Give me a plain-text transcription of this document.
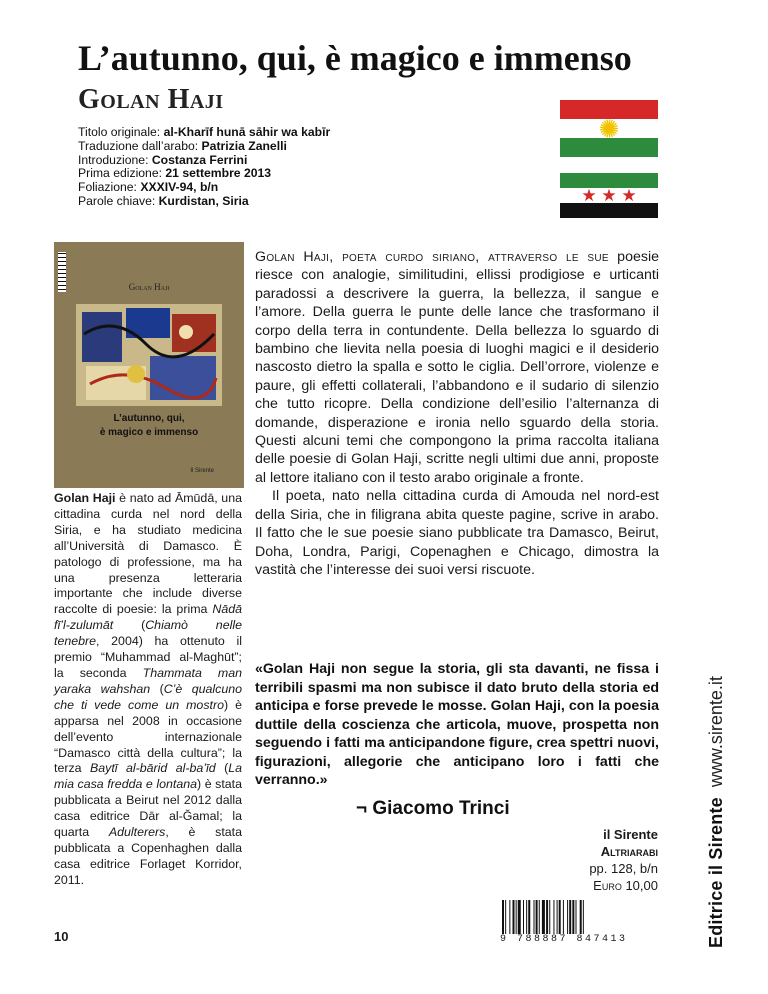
L’autunno, qui, è magico e immenso
Golan Haji
Titolo originale: al-Kharīf hunā sāhir wa kabīr
Traduzione dall’arabo: Patrizia Zanelli
Introduzione: Costanza Ferrini
Prima edizione: 21 settembre 2013
Foliazione: XXXIV-94, b/n
Parole chiave: Kurdistan, Siria	★ ★ ★
Golan Haji
L’autunno, qui,
è magico e immenso
Il Sirente
Golan Haji è nato ad Āmūdā, una cittadina curda nel nord della Siria, e ha studiato medicina all’Università di Damasco. È patologo di professione, ma ha una presenza letteraria importante che include diverse raccolte di poesie: la prima Nādā fī’l-zulumāt (Chiamò nelle tenebre, 2004) ha ottenuto il premio “Muhammad al-Maghūt”; la seconda Thammata man yaraka wahshan (C’è qualcuno che ti vede come un mostro) è apparsa nel 2008 in occasione dell’evento internazionale “Damasco città della cultura”; la terza Baytī al-bārid al-ba’īd (La mia casa fredda e lontana) è stata pubblicata a Beirut nel 2012 dalla casa editrice Dār al-Ğamal; la quarta Adulterers, è stata pubblicata a Copenhaghen dalla casa editrice Forlaget Korridor, 2011.
10

Golan Haji, poeta curdo siriano, attraverso le sue poesie riesce con analogie, similitudini, ellissi prodigiose e urticanti paradossi a descrivere la guerra, la bellezza, il sangue e l’amore. Della guerra le punte delle lance che trasformano il corpo della terra in contundente. Della bellezza lo sguardo di bambino che lievita nella poesia di luoghi magici e il desiderio nascosto dietro la spalla e sotto le ciglia. Dell’orrore, violenze e paure, gli effetti collaterali, l’abbandono e il sudario di silenzio che tutto ricopre. Della condizione dell’esilio l’alternanza di domande, disperazione e ironia nello sguardo della storia. Questi alcuni temi che compongono la prima raccolta italiana delle poesie di Golan Haji, scritte negli ultimi due anni, proposte al lettore italiano con il testo arabo originale a fronte.

Il poeta, nato nella cittadina curda di Amouda nel nord-est della Siria, che in filigrana abita queste pagine, scrive in arabo. Il fatto che le sue poesie siano pubblicate tra Damasco, Beirut, Doha, Londra, Parigi, Copenaghen e Chicago, dimostra la vastità che l’interesse dei suoi versi riscuote.

«Golan Haji non segue la storia, gli sta davanti, ne fissa i terribili spasmi ma non subisce il dato bruto della storia ed anticipa e forse prevede le mosse. Golan Haji, con la poesia duttile della coscienza che articola, muove, prospetta non seguendo i fatti ma anticipandone figure, crea spettri nuovi, figurazioni, allegorie che anticipano loro i fatti che verranno.»
¬ Giacomo Trinci
il Sirente
Altriarabi
pp. 128, b/n
Euro 10,00
9 788887 847413	Editrice il Sirentewww.sirente.it
